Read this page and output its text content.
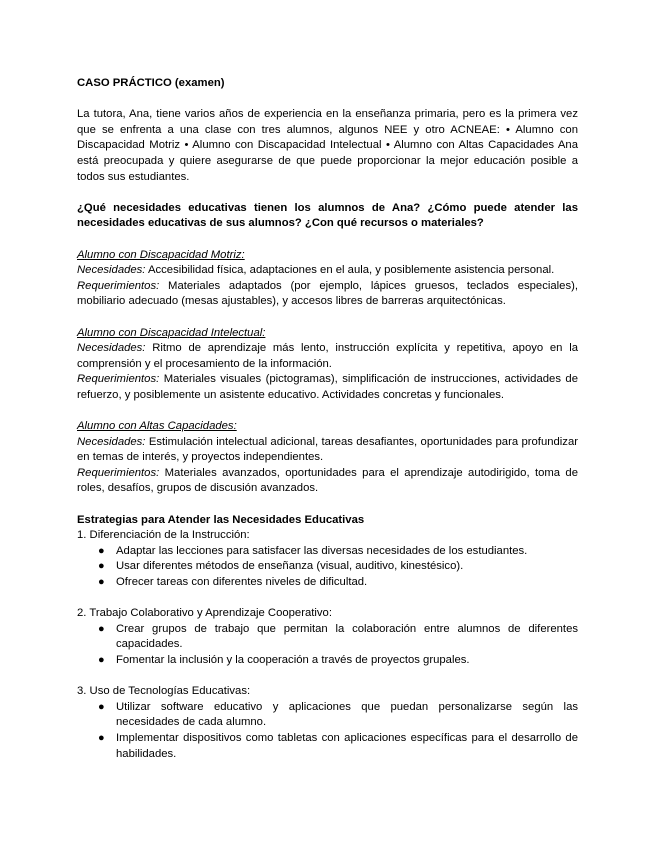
CASO PRÁCTICO (examen)
La tutora, Ana, tiene varios años de experiencia en la enseñanza primaria, pero es la primera vez que se enfrenta a una clase con tres alumnos, algunos NEE y otro ACNEAE: • Alumno con Discapacidad Motriz • Alumno con Discapacidad Intelectual • Alumno con Altas Capacidades Ana está preocupada y quiere asegurarse de que puede proporcionar la mejor educación posible a todos sus estudiantes.
¿Qué necesidades educativas tienen los alumnos de Ana? ¿Cómo puede atender las necesidades educativas de sus alumnos? ¿Con qué recursos o materiales?
Alumno con Discapacidad Motriz:
Necesidades: Accesibilidad física, adaptaciones en el aula, y posiblemente asistencia personal.
Requerimientos: Materiales adaptados (por ejemplo, lápices gruesos, teclados especiales), mobiliario adecuado (mesas ajustables), y accesos libres de barreras arquitectónicas.
Alumno con Discapacidad Intelectual:
Necesidades: Ritmo de aprendizaje más lento, instrucción explícita y repetitiva, apoyo en la comprensión y el procesamiento de la información.
Requerimientos: Materiales visuales (pictogramas), simplificación de instrucciones, actividades de refuerzo, y posiblemente un asistente educativo. Actividades concretas y funcionales.
Alumno con Altas Capacidades:
Necesidades: Estimulación intelectual adicional, tareas desafiantes, oportunidades para profundizar en temas de interés, y proyectos independientes.
Requerimientos: Materiales avanzados, oportunidades para el aprendizaje autodirigido, toma de roles, desafíos, grupos de discusión avanzados.
Estrategias para Atender las Necesidades Educativas
1. Diferenciación de la Instrucción:
● Adaptar las lecciones para satisfacer las diversas necesidades de los estudiantes.
● Usar diferentes métodos de enseñanza (visual, auditivo, kinestésico).
● Ofrecer tareas con diferentes niveles de dificultad.
2. Trabajo Colaborativo y Aprendizaje Cooperativo:
● Crear grupos de trabajo que permitan la colaboración entre alumnos de diferentes capacidades.
● Fomentar la inclusión y la cooperación a través de proyectos grupales.
3. Uso de Tecnologías Educativas:
● Utilizar software educativo y aplicaciones que puedan personalizarse según las necesidades de cada alumno.
● Implementar dispositivos como tabletas con aplicaciones específicas para el desarrollo de habilidades.
